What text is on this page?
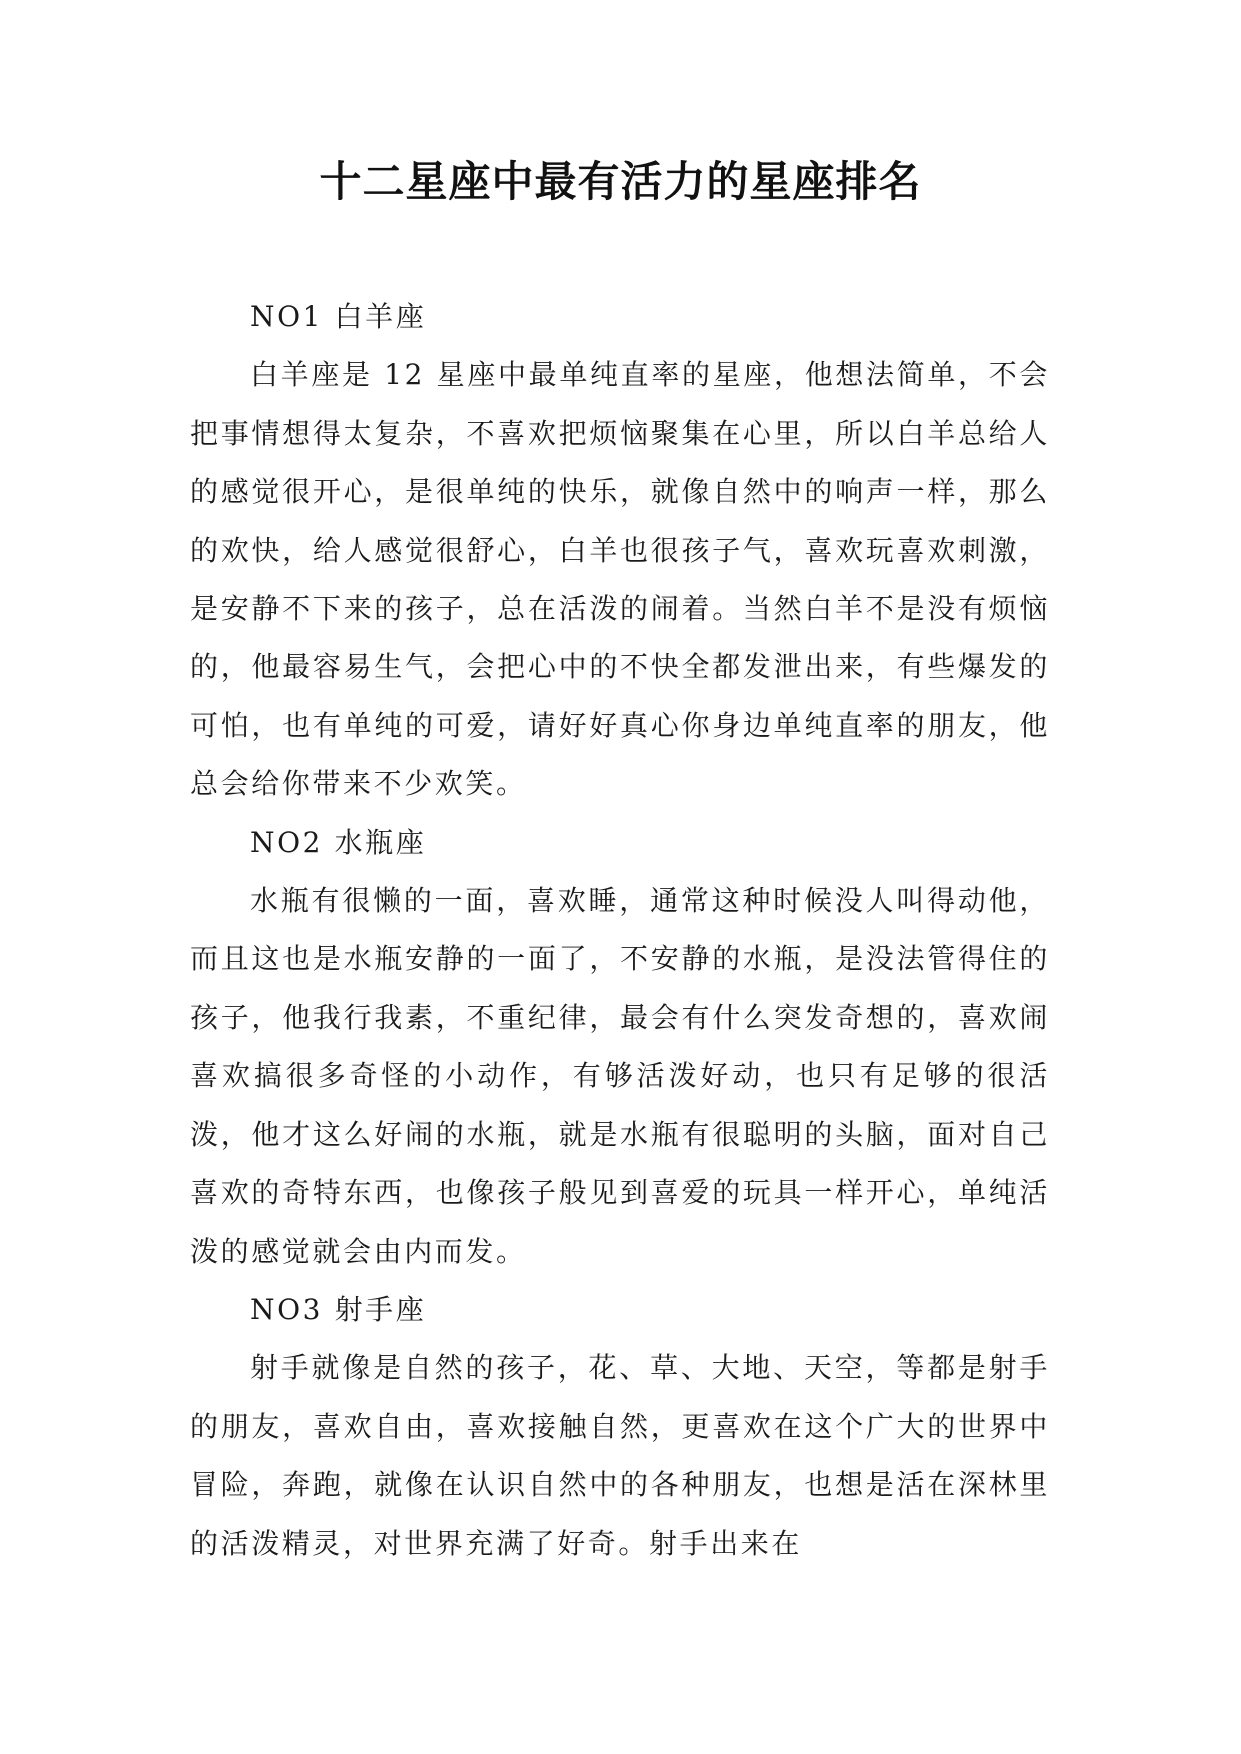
十二星座中最有活力的星座排名

NO1 白羊座

白羊座是 12 星座中最单纯直率的星座，他想法简单，不会把事情想得太复杂，不喜欢把烦恼聚集在心里，所以白羊总给人的感觉很开心，是很单纯的快乐，就像自然中的响声一样，那么的欢快，给人感觉很舒心，白羊也很孩子气，喜欢玩喜欢刺激，是安静不下来的孩子，总在活泼的闹着。当然白羊不是没有烦恼的，他最容易生气，会把心中的不快全都发泄出来，有些爆发的可怕，也有单纯的可爱，请好好真心你身边单纯直率的朋友，他总会给你带来不少欢笑。

NO2 水瓶座

水瓶有很懒的一面，喜欢睡，通常这种时候没人叫得动他，而且这也是水瓶安静的一面了，不安静的水瓶，是没法管得住的孩子，他我行我素，不重纪律，最会有什么突发奇想的，喜欢闹喜欢搞很多奇怪的小动作，有够活泼好动，也只有足够的很活泼，他才这么好闹的水瓶，就是水瓶有很聪明的头脑，面对自己喜欢的奇特东西，也像孩子般见到喜爱的玩具一样开心，单纯活泼的感觉就会由内而发。

NO3 射手座

射手就像是自然的孩子，花、草、大地、天空，等都是射手的朋友，喜欢自由，喜欢接触自然，更喜欢在这个广大的世界中冒险，奔跑，就像在认识自然中的各种朋友，也想是活在深林里的活泼精灵，对世界充满了好奇。射手出来在
